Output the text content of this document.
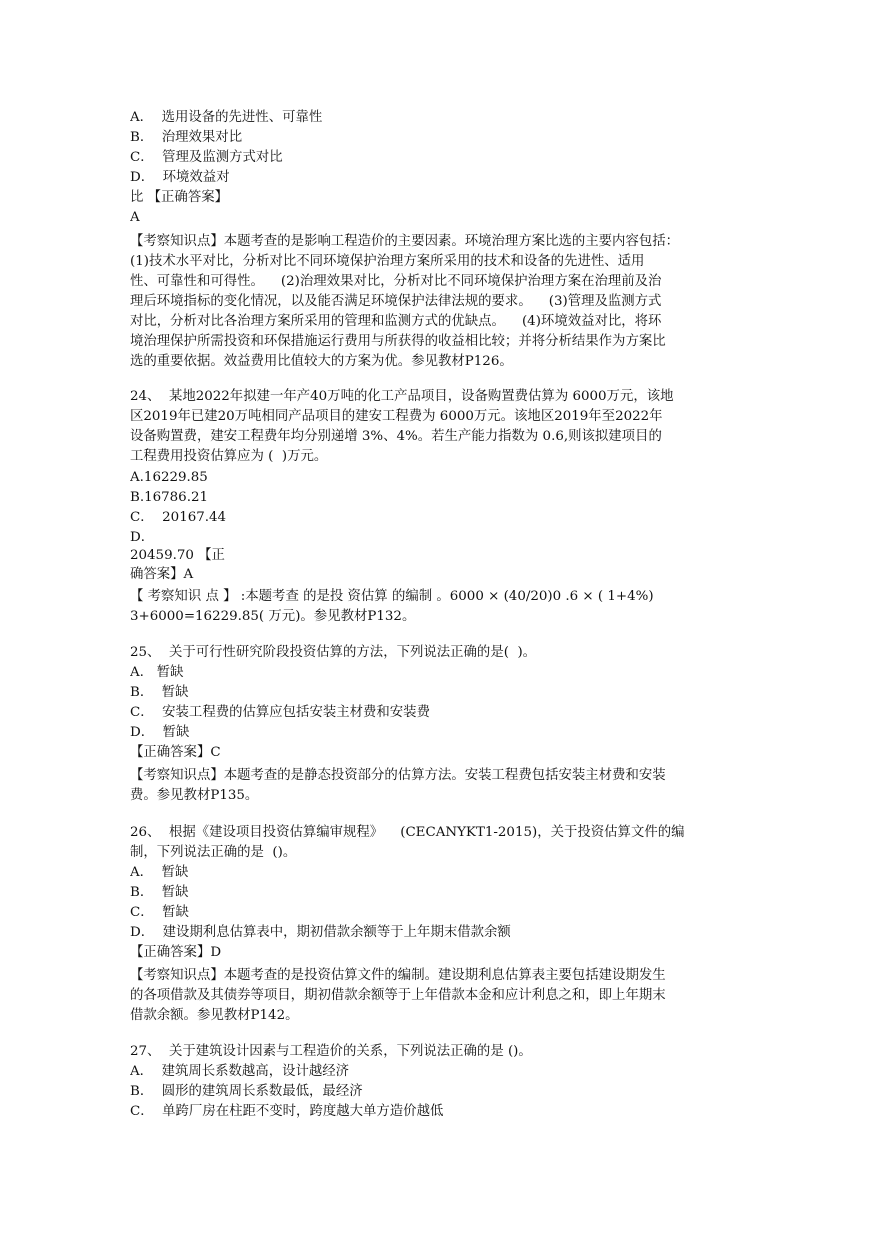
A．  选用设备的先进性、可靠性
B．  治理效果对比
C．  管理及监测方式对比
D．  环境效益对
比 【正确答案】
A
【考察知识点】本题考查的是影响工程造价的主要因素。环境治理方案比选的主要内容包括：
(1)技术水平对比，分析对比不同环境保护治理方案所采用的技术和设备的先进性、适用
性、可靠性和可得性。    (2)治理效果对比，分析对比不同环境保护治理方案在治理前及治
理后环境指标的变化情况，以及能否满足环境保护法律法规的要求。    (3)管理及监测方式
对比，分析对比各治理方案所采用的管理和监测方式的优缺点。    (4)环境效益对比，将环
境治理保护所需投资和环保措施运行费用与所获得的收益相比较；并将分析结果作为方案比
选的重要依据。效益费用比值较大的方案为优。参见教材P126。
24、  某地2022年拟建一年产40万吨的化工产品项目，设备购置费估算为 6000万元，该地
区2019年已建20万吨相同产品项目的建安工程费为 6000万元。该地区2019年至2022年
设备购置费，建安工程费年均分别递增 3%、4%。若生产能力指数为 0.6,则该拟建项目的
工程费用投资估算应为 (  )万元。
A.16229.85
B.16786.21
C．  20167.44
D．
20459.70 【正
确答案】A
【 考察知识 点 】 :本题考查 的是投 资估算 的编制 。6000 × (40/20)0 .6 × ( 1+4%)
3+6000=16229.85( 万元)。参见教材P132。
25、  关于可行性研究阶段投资估算的方法，下列说法正确的是(  )。
A.   暂缺
B．  暂缺
C．  安装工程费的估算应包括安装主材费和安装费
D．  暂缺
【正确答案】C
【考察知识点】本题考查的是静态投资部分的估算方法。安装工程费包括安装主材费和安装
费。参见教材P135。
26、  根据《建设项目投资估算编审规程》    (CECANYKT1-2015)，关于投资估算文件的编
制，下列说法正确的是  ()。
A．  暂缺
B．  暂缺
C．  暂缺
D．  建设期利息估算表中，期初借款余额等于上年期末借款余额
【正确答案】D
【考察知识点】本题考查的是投资估算文件的编制。建设期利息估算表主要包括建设期发生
的各项借款及其债券等项目，期初借款余额等于上年借款本金和应计利息之和，即上年期末
借款余额。参见教材P142。
27、  关于建筑设计因素与工程造价的关系，下列说法正确的是 ()。
A．  建筑周长系数越高，设计越经济
B．  圆形的建筑周长系数最低，最经济
C．  单跨厂房在柱距不变时，跨度越大单方造价越低
